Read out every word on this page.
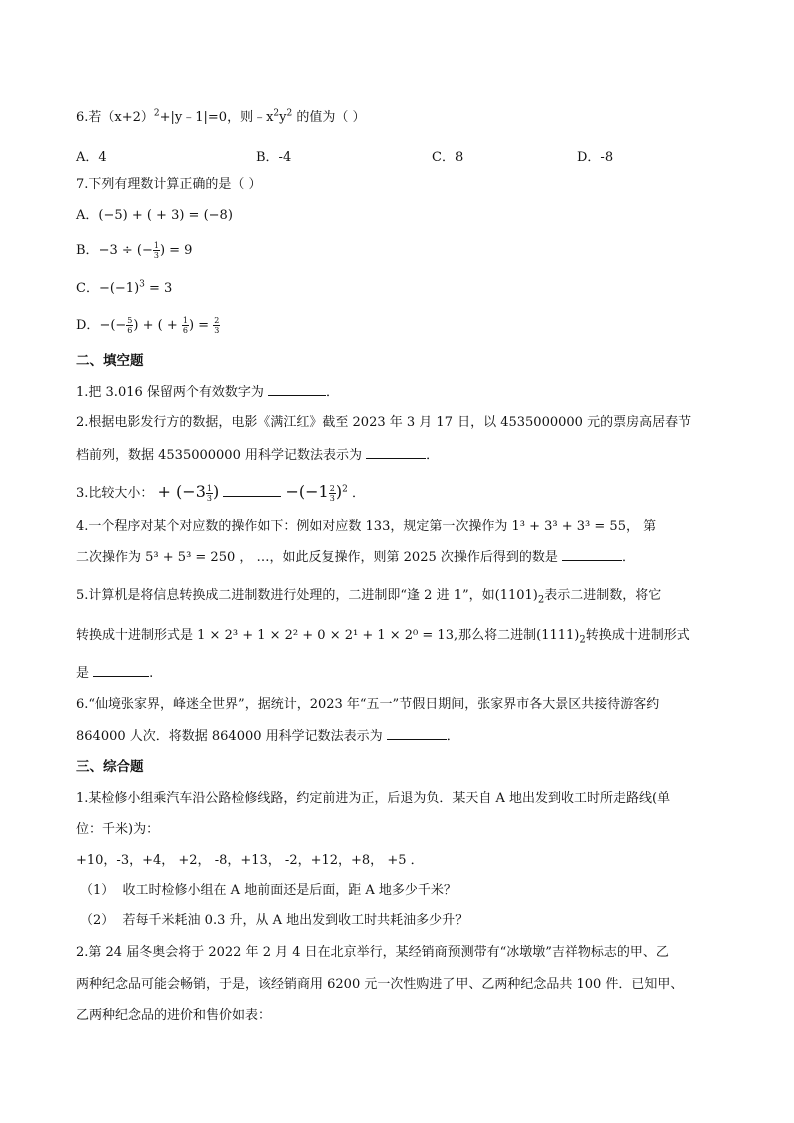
6.若$(x+2)^2+|y﹣1|=0$，则$﹣x^2y^2$ 的值为（ ）
A．4	B．-4	C．8	D．-8
7.下列有理数计算正确的是（ ）
A．(−5) + ( + 3) = (−8)
B．−3 ÷ (− $\frac{1}{3}$ ) = 9
C．$-(-1)^3 = 3$
D．−(− $\frac{5}{6}$ ) + ( + $\frac{1}{6}$ ) = $\frac{2}{3}$
二、填空题
1.把 3.016 保留两个有效数字为	．
2.根据电影发行方的数据，电影《满江红》截至 2023 年 3 月 17 日，以 4535000000 元的票房高居春节
档前列，数据 4535000000 用科学记数法表示为	．
3.比较大小： + ($-3 \frac{1}{3}$ )	$-(-1 \frac{2}{3} )^2$ ．
4.一个程序对某个对应数的操作如下：例如对应数 133，规定第一次操作为 1³ + 3³ + 3³ = 55， 第
二次操作为 5³ + 5³ = 250 ， …，如此反复操作，则第 2025 次操作后得到的数是	．
5.计算机是将信息转换成二进制数进行处理的，二进制即“逢 2 进 1”，如$(1101)_2$表示二进制数，将它
转换成十进制形式是 1 × 2³ + 1 × 2² + 0 × 2¹ + 1 × 2⁰ = 13,那么将二进制$(1111)_2$转换成十进制形式
是	.
6.“仙境张家界，峰迷全世界”，据统计，2023 年“五一”节假日期间，张家界市各大景区共接待游客约
864000 人次．将数据 864000 用科学记数法表示为	．
三、综合题
1.某检修小组乘汽车沿公路检修线路，约定前进为正，后退为负．某天自 A 地出发到收工时所走路线(单
位：千米)为：
+10，-3，+4， +2， -8，+13， -2，+12，+8， +5 ．
（1） 收工时检修小组在 A 地前面还是后面，距 A 地多少千米？
（2） 若每千米耗油 0.3 升，从 A 地出发到收工时共耗油多少升？
2.第 24 届冬奥会将于 2022 年 2 月 4 日在北京举行，某经销商预测带有“冰墩墩”吉祥物标志的甲、乙
两种纪念品可能会畅销，于是，该经销商用 6200 元一次性购进了甲、乙两种纪念品共 100 件．已知甲、
乙两种纪念品的进价和售价如表：
